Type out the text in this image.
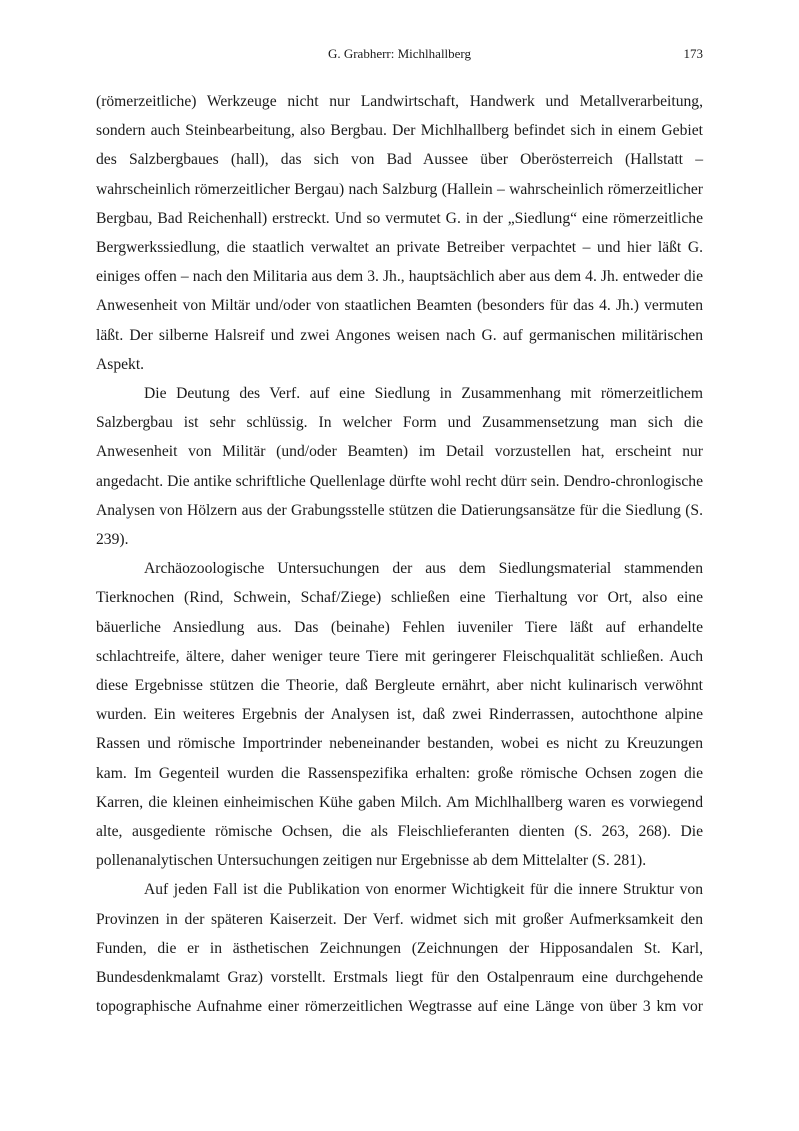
G. Grabherr: Michlhallberg	173

(römerzeitliche) Werkzeuge nicht nur Landwirtschaft, Handwerk und Metallverarbeitung, sondern auch Steinbearbeitung, also Bergbau. Der Michlhallberg befindet sich in einem Gebiet des Salzbergbaues (hall), das sich von Bad Aussee über Oberösterreich (Hallstatt – wahrscheinlich römerzeitlicher Bergau) nach Salzburg (Hallein – wahrscheinlich römerzeitlicher Bergbau, Bad Reichenhall) erstreckt. Und so vermutet G. in der „Siedlung“ eine römerzeitliche Bergwerkssiedlung, die staatlich verwaltet an private Betreiber verpachtet – und hier läßt G. einiges offen – nach den Militaria aus dem 3. Jh., hauptsächlich aber aus dem 4. Jh. entweder die Anwesenheit von Miltär und/oder von staatlichen Beamten (besonders für das 4. Jh.) vermuten läßt. Der silberne Halsreif und zwei Angones weisen nach G. auf germanischen militärischen Aspekt.

Die Deutung des Verf. auf eine Siedlung in Zusammenhang mit römerzeitlichem Salzbergbau ist sehr schlüssig. In welcher Form und Zusammensetzung man sich die Anwesenheit von Militär (und/oder Beamten) im Detail vorzustellen hat, erscheint nur angedacht. Die antike schriftliche Quellenlage dürfte wohl recht dürr sein. Dendro-chronlogische Analysen von Hölzern aus der Grabungsstelle stützen die Datierungsansätze für die Siedlung (S. 239).

Archäozoologische Untersuchungen der aus dem Siedlungsmaterial stammenden Tierknochen (Rind, Schwein, Schaf/Ziege) schließen eine Tierhaltung vor Ort, also eine bäuerliche Ansiedlung aus. Das (beinahe) Fehlen iuveniler Tiere läßt auf erhandelte schlachtreife, ältere, daher weniger teure Tiere mit geringerer Fleischqualität schließen. Auch diese Ergebnisse stützen die Theorie, daß Bergleute ernährt, aber nicht kulinarisch verwöhnt wurden. Ein weiteres Ergebnis der Analysen ist, daß zwei Rinderrassen, autochthone alpine Rassen und römische Importrinder nebeneinander bestanden, wobei es nicht zu Kreuzungen kam. Im Gegenteil wurden die Rassenspezifika erhalten: große römische Ochsen zogen die Karren, die kleinen einheimischen Kühe gaben Milch. Am Michlhallberg waren es vorwiegend alte, ausgediente römische Ochsen, die als Fleischlieferanten dienten (S. 263, 268). Die pollenanalytischen Untersuchungen zeitigen nur Ergebnisse ab dem Mittelalter (S. 281).

Auf jeden Fall ist die Publikation von enormer Wichtigkeit für die innere Struktur von Provinzen in der späteren Kaiserzeit. Der Verf. widmet sich mit großer Aufmerksamkeit den Funden, die er in ästhetischen Zeichnungen (Zeichnungen der Hipposandalen St. Karl, Bundesdenkmalamt Graz) vorstellt. Erstmals liegt für den Ostalpenraum eine durchgehende topographische Aufnahme einer römerzeitlichen Wegtrasse auf eine Länge von über 3 km vor
